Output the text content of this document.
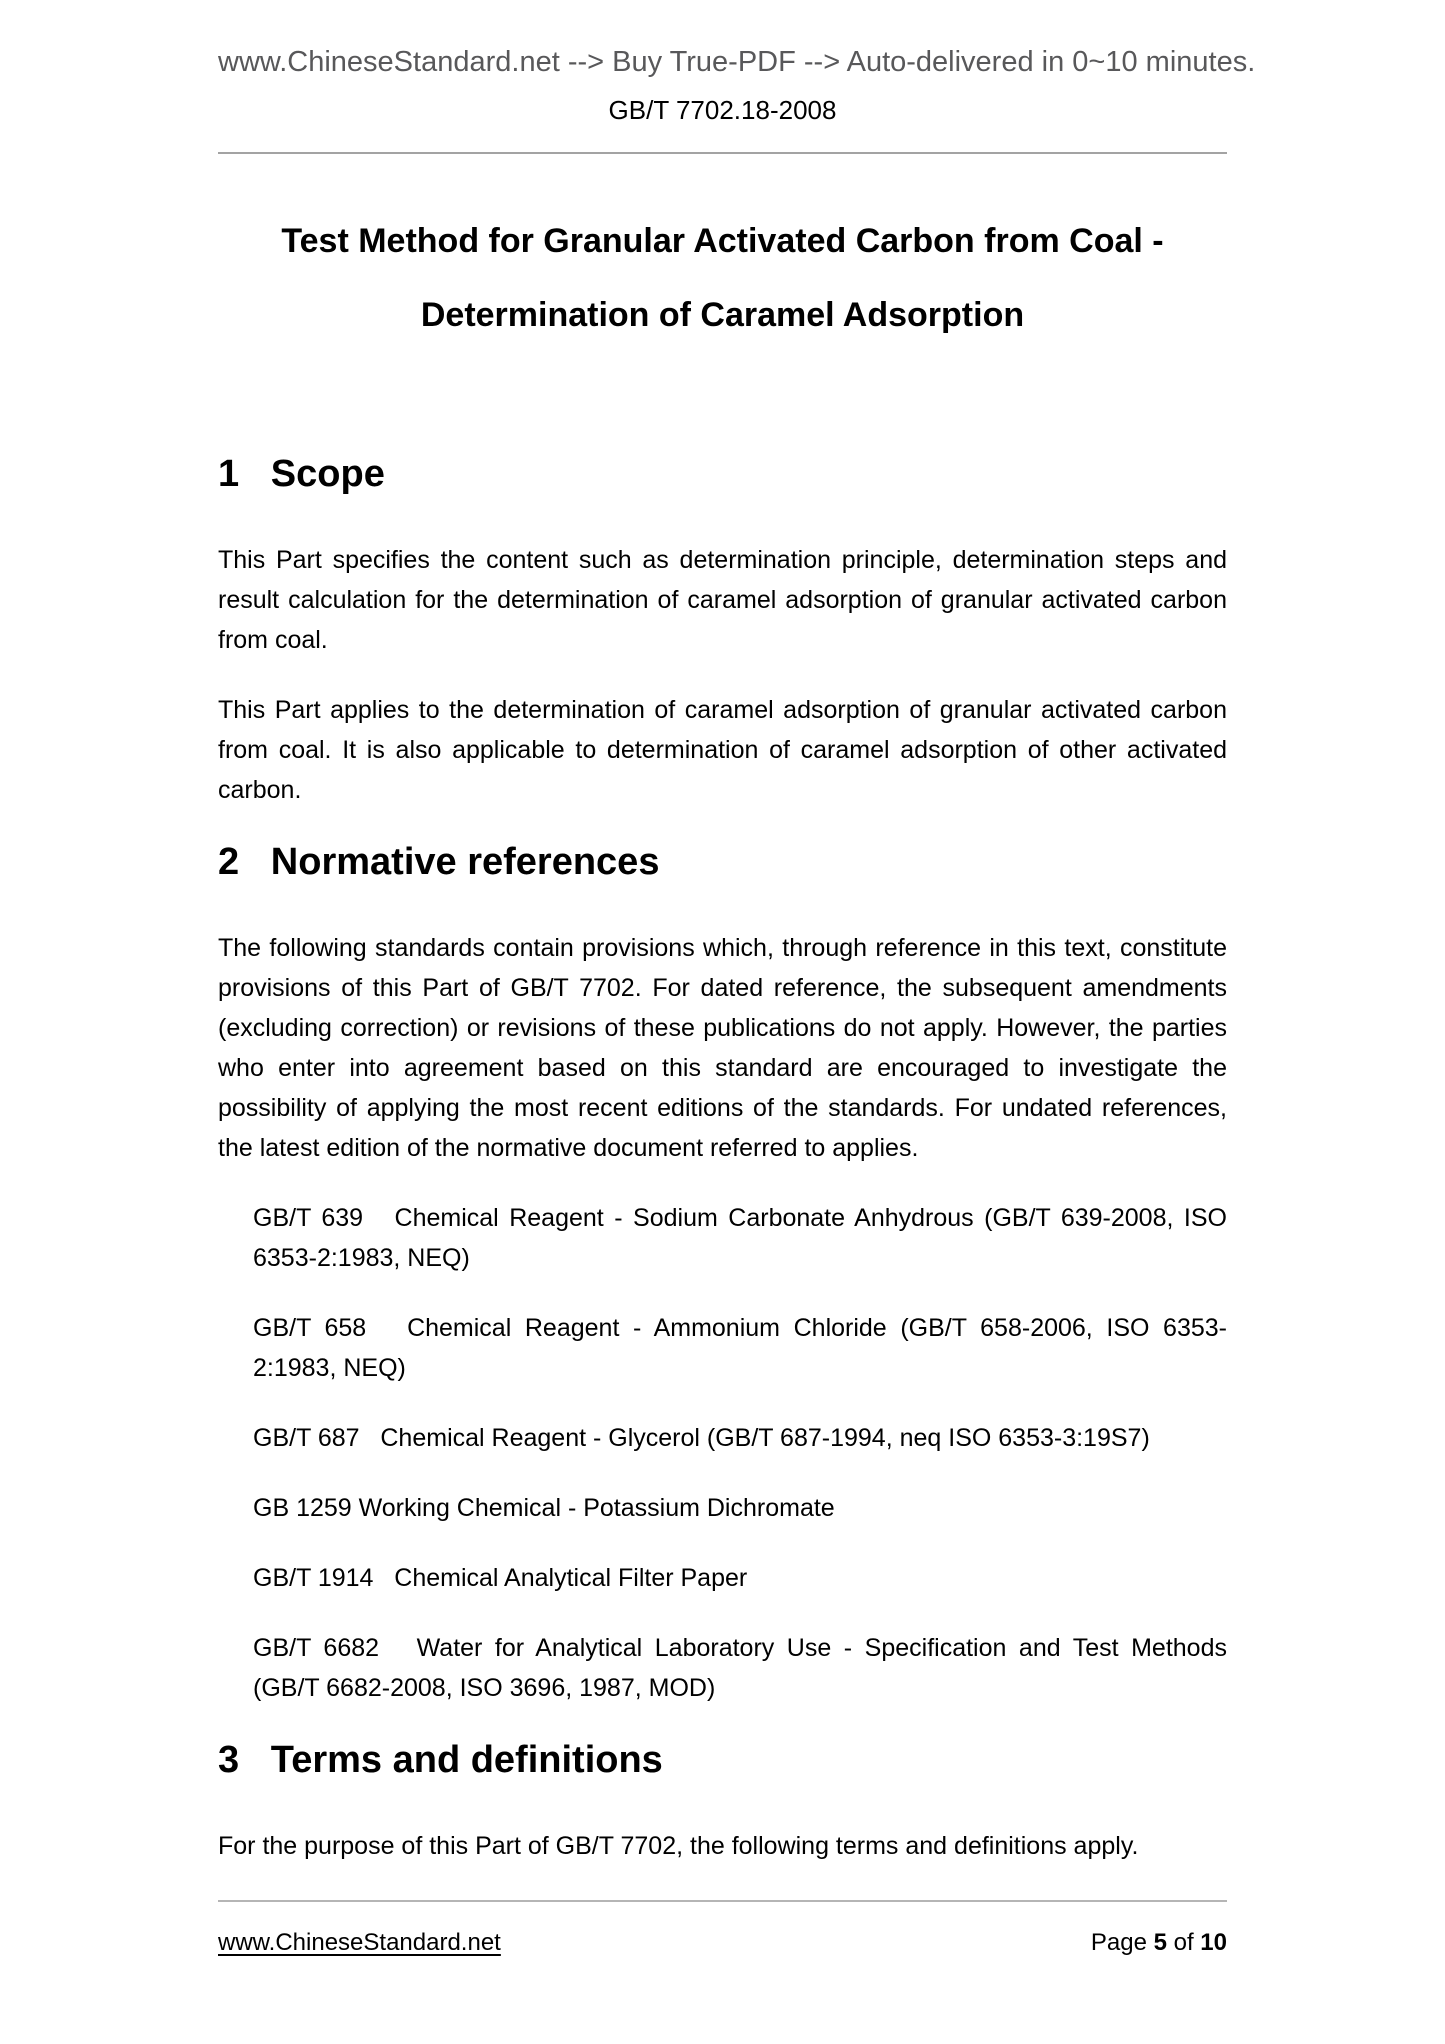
www.ChineseStandard.net --> Buy True-PDF --> Auto-delivered in 0~10 minutes.
GB/T 7702.18-2008
Test Method for Granular Activated Carbon from Coal -
Determination of Caramel Adsorption
1   Scope

This Part specifies the content such as determination principle, determination steps and result calculation for the determination of caramel adsorption of granular activated carbon from coal.

This Part applies to the determination of caramel adsorption of granular activated carbon from coal. It is also applicable to determination of caramel adsorption of other activated carbon.

2   Normative references

The following standards contain provisions which, through reference in this text, constitute provisions of this Part of GB/T 7702. For dated reference, the subsequent amendments (excluding correction) or revisions of these publications do not apply. However, the parties who enter into agreement based on this standard are encouraged to investigate the possibility of applying the most recent editions of the standards. For undated references, the latest edition of the normative document referred to applies.

GB/T 639   Chemical Reagent - Sodium Carbonate Anhydrous (GB/T 639-2008, ISO 6353-2:1983, NEQ)

GB/T 658   Chemical Reagent - Ammonium Chloride (GB/T 658-2006, ISO 6353-2:1983, NEQ)

GB/T 687   Chemical Reagent - Glycerol (GB/T 687-1994, neq ISO 6353-3:19S7)

GB 1259 Working Chemical - Potassium Dichromate

GB/T 1914   Chemical Analytical Filter Paper

GB/T 6682   Water for Analytical Laboratory Use - Specification and Test Methods (GB/T 6682-2008, ISO 3696, 1987, MOD)

3   Terms and definitions

For the purpose of this Part of GB/T 7702, the following terms and definitions apply.

www.ChineseStandard.net	Page 5 of 10
